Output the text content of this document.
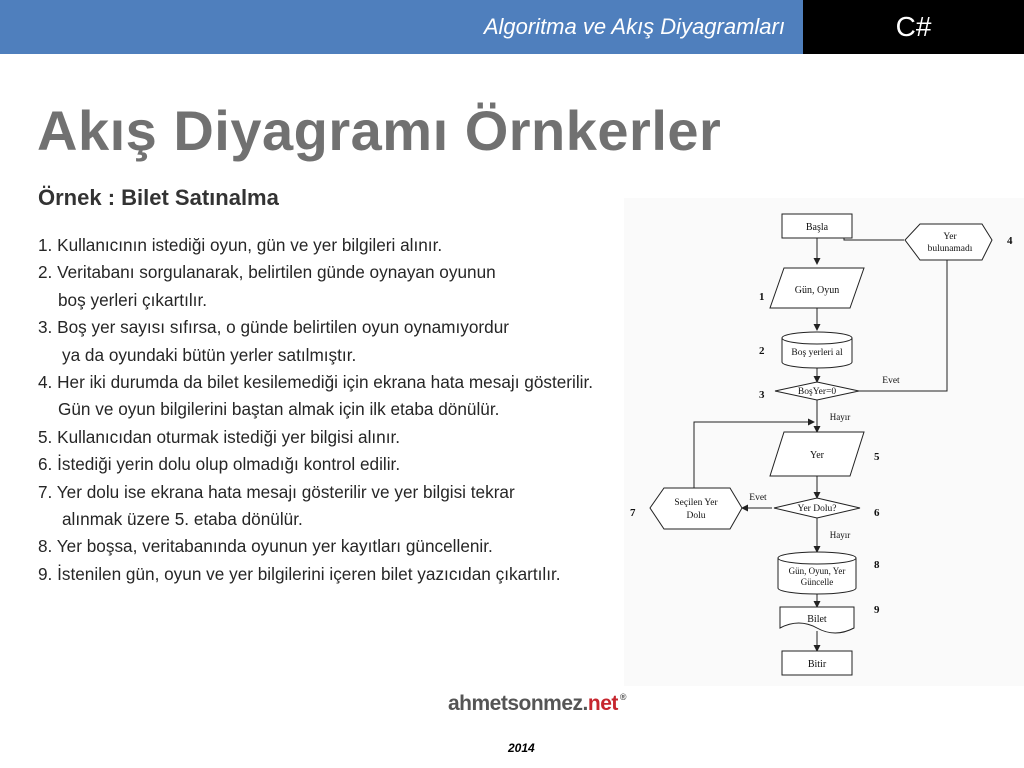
Algoritma ve Akış Diyagramları	C#
Akış Diyagramı Örnkerler
Örnek : Bilet Satınalma
1. Kullanıcının istediği oyun, gün ve yer bilgileri alınır.
2. Veritabanı sorgulanarak, belirtilen günde oynayan oyunun
boş yerleri çıkartılır.
3. Boş yer sayısı sıfırsa, o günde belirtilen oyun oynamıyordur
ya da oyundaki bütün yerler satılmıştır.
4. Her iki durumda da bilet kesilemediği için ekrana hata mesajı gösterilir.
Gün ve oyun bilgilerini baştan almak için ilk etaba dönülür.
5. Kullanıcıdan oturmak istediği yer bilgisi alınır.
6. İstediği yerin dolu olup olmadığı kontrol edilir.
7. Yer dolu ise ekrana hata mesajı gösterilir ve yer bilgisi tekrar
alınmak üzere 5. etaba dönülür.
8. Yer boşsa, veritabanında oyunun yer kayıtları güncellenir.
9. İstenilen gün, oyun ve yer bilgilerini içeren bilet yazıcıdan çıkartılır.
Başla
Yer
bulunamadı
Gün, Oyun
Boş yerleri al
BoşYer=0
Evet
Hayır
Yer
Yer Dolu?
Evet
Hayır
Seçilen Yer
Dolu
Gün, Oyun, Yer
Güncelle
Bilet
Bitir
1
2
3
4
5
6
7
8
9
ahmetsonmez.net ®
2014
